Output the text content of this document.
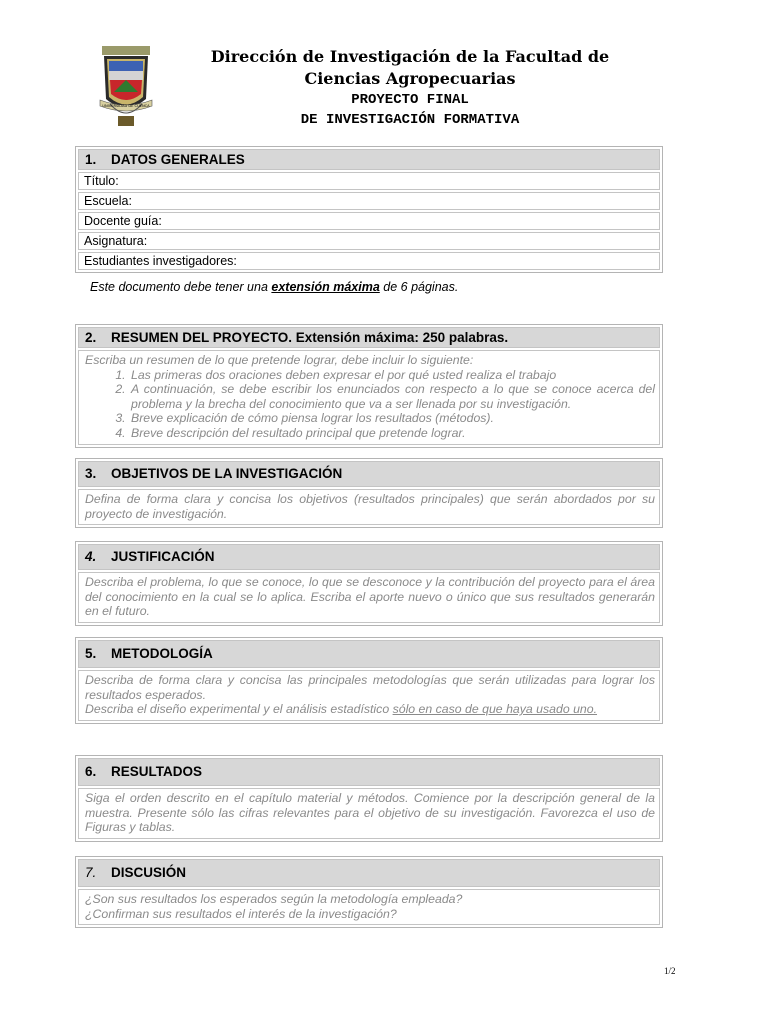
UNIVERSIDAD DE CUENCA
Dirección de Investigación de la Facultad de
Ciencias Agropecuarias
PROYECTO FINAL
DE INVESTIGACIÓN FORMATIVA
1. DATOS GENERALES
Título:
Escuela:
Docente guía:
Asignatura:
Estudiantes investigadores:
Este documento debe tener una extensión máxima de 6 páginas.
2. RESUMEN DEL PROYECTO. Extensión máxima: 250 palabras.
Escriba un resumen de lo que pretende lograr, debe incluir lo siguiente:
1. Las primeras dos oraciones deben expresar el por qué usted realiza el trabajo
2. A continuación, se debe escribir los enunciados con respecto a lo que se conoce acerca del problema y la brecha del conocimiento que va a ser llenada por su investigación.
3. Breve explicación de cómo piensa lograr los resultados (métodos).
4. Breve descripción del resultado principal que pretende lograr.
3. OBJETIVOS DE LA INVESTIGACIÓN
Defina de forma clara y concisa los objetivos (resultados principales) que serán abordados por su proyecto de investigación.
4. JUSTIFICACIÓN
Describa el problema, lo que se conoce, lo que se desconoce y la contribución del proyecto para el área del conocimiento en la cual se lo aplica. Escriba el aporte nuevo o único que sus resultados generarán en el futuro.
5. METODOLOGÍA
Describa de forma clara y concisa las principales metodologías que serán utilizadas para lograr los resultados esperados.
Describa el diseño experimental y el análisis estadístico sólo en caso de que haya usado uno.
6. RESULTADOS
Siga el orden descrito en el capítulo material y métodos. Comience por la descripción general de la muestra. Presente sólo las cifras relevantes para el objetivo de su investigación. Favorezca el uso de Figuras y tablas.
7. DISCUSIÓN
¿Son sus resultados los esperados según la metodología empleada?
¿Confirman sus resultados el interés de la investigación?
1/2
